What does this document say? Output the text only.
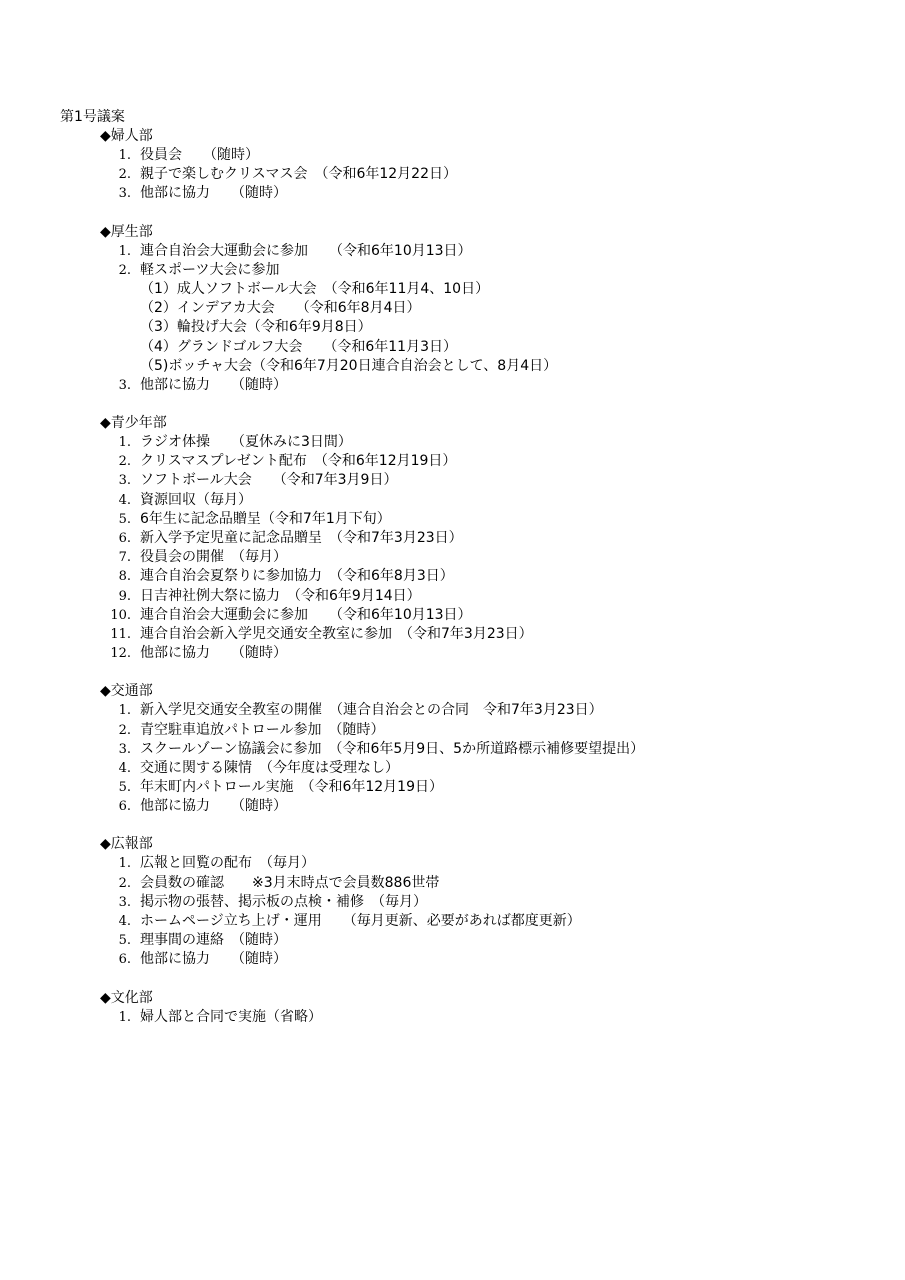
第1号議案
◆婦人部
1. 役員会　　（随時）
2. 親子で楽しむクリスマス会　（令和6年12月22日）
3. 他部に協力　　（随時）
◆厚生部
1. 連合自治会大運動会に参加　　（令和6年10月13日）
2. 軽スポーツ大会に参加
（1）成人ソフトボール大会　（令和6年11月4、10日）
（2）インデアカ大会　　（令和6年8月4日）
（3）輪投げ大会（令和6年9月8日）
（4）グランドゴルフ大会　　（令和6年11月3日）
（5)ボッチャ大会（令和6年7月20日連合自治会として、8月4日）
3. 他部に協力　　（随時）
◆青少年部
1. ラジオ体操　　（夏休みに3日間）
2. クリスマスプレゼント配布　（令和6年12月19日）
3. ソフトボール大会　　（令和7年3月9日）
4. 資源回収（毎月）
5. 6年生に記念品贈呈（令和7年1月下旬）
6. 新入学予定児童に記念品贈呈　（令和7年3月23日）
7. 役員会の開催　（毎月）
8. 連合自治会夏祭りに参加協力　（令和6年8月3日）
9. 日吉神社例大祭に協力　（令和6年9月14日）
10. 連合自治会大運動会に参加　　（令和6年10月13日）
11. 連合自治会新入学児交通安全教室に参加　（令和7年3月23日）
12. 他部に協力　　（随時）
◆交通部
1. 新入学児交通安全教室の開催　（連合自治会との合同　令和7年3月23日）
2. 青空駐車追放パトロール参加　（随時）
3. スクールゾーン協議会に参加　（令和6年5月9日、5か所道路標示補修要望提出）
4. 交通に関する陳情　（今年度は受理なし）
5. 年末町内パトロール実施　（令和6年12月19日）
6. 他部に協力　　（随時）
◆広報部
1. 広報と回覧の配布　（毎月）
2. 会員数の確認　　※3月末時点で会員数886世帯
3. 掲示物の張替、掲示板の点検・補修　（毎月）
4. ホームページ立ち上げ・運用　　（毎月更新、必要があれば都度更新）
5. 理事間の連絡　（随時）
6. 他部に協力　　（随時）
◆文化部
1. 婦人部と合同で実施（省略）
